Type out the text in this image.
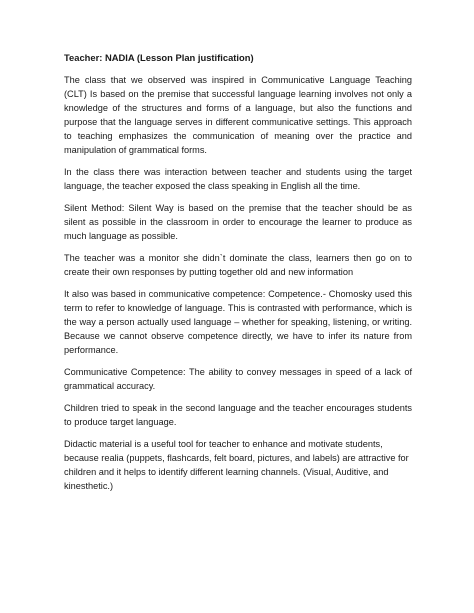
Teacher: NADIA (Lesson Plan justification)

The class that we observed was inspired in Communicative Language Teaching (CLT) Is based on the premise that successful language learning involves not only a knowledge of the structures and forms of a language, but also the functions and purpose that the language serves in different communicative settings. This approach to teaching emphasizes the communication of meaning over the practice and manipulation of grammatical forms.

In the class there was interaction between teacher and students using the target language, the teacher exposed the class speaking in English all the time.

Silent Method: Silent Way is based on the premise that the teacher should be as silent as possible in the classroom in order to encourage the learner to produce as much language as possible.

The teacher was a monitor she didn`t dominate the class, learners then go on to create their own responses by putting together old and new information

It also was based in communicative competence: Competence.- Chomosky used this term to refer to knowledge of language. This is contrasted with performance, which is the way a person actually used language – whether for speaking, listening, or writing. Because we cannot observe competence directly, we have to infer its nature from performance.

Communicative Competence: The ability to convey messages in speed of a lack of grammatical accuracy.

Children tried to speak in the second language and the teacher encourages students to produce target language.

Didactic material is a useful tool for teacher to enhance and motivate students, because realia (puppets, flashcards, felt board, pictures, and labels) are attractive for children and it helps to identify different learning channels. (Visual, Auditive, and kinesthetic.)
